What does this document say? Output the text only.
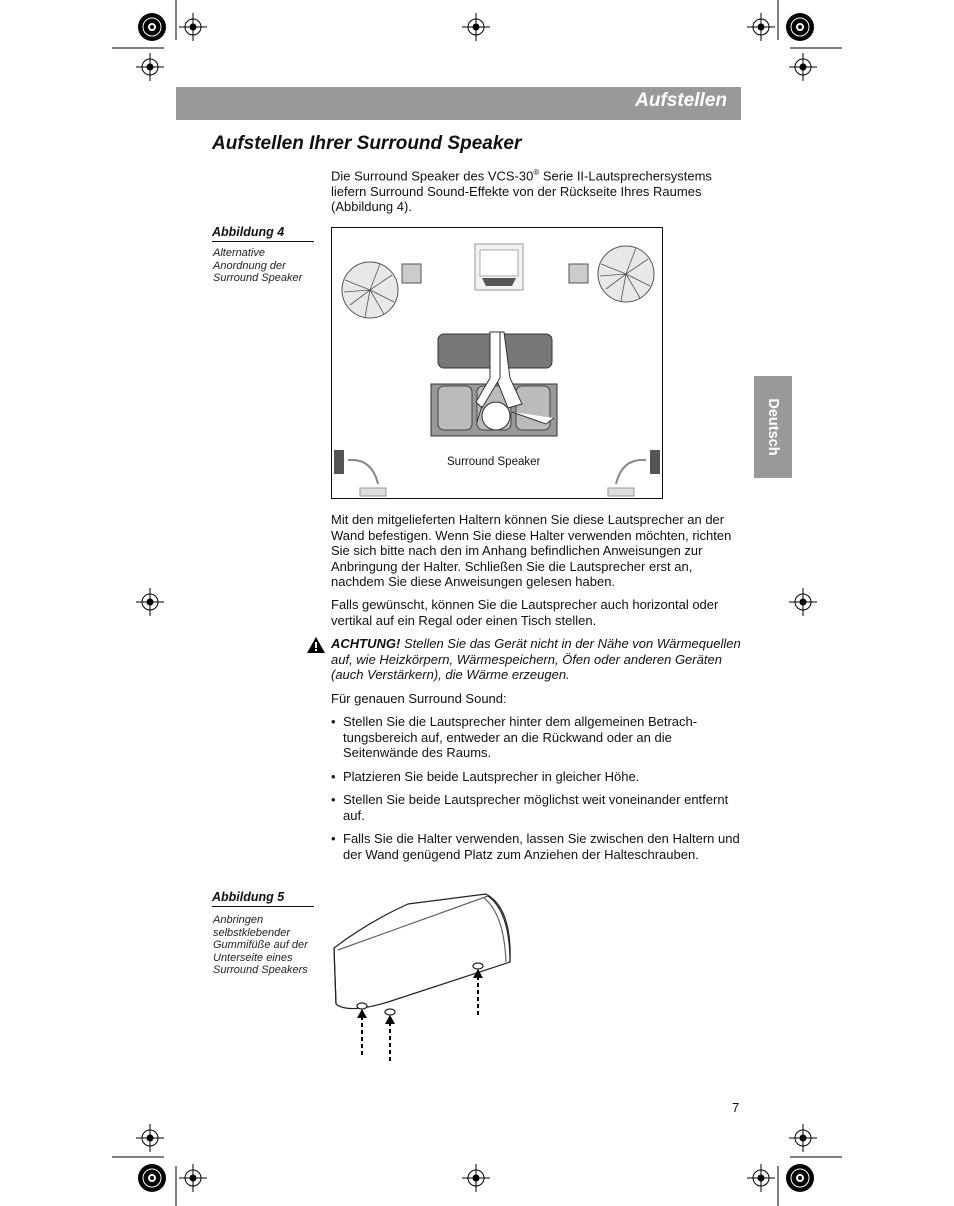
Aufstellen
Aufstellen Ihrer Surround Speaker
Die Surround Speaker des VCS-30® Serie II-Lautsprechersystems
liefern Surround Sound-Effekte von der Rückseite Ihres Raumes
(Abbildung 4).
Abbildung 4
Alternative Anordnung der Surround Speaker
Surround Speaker
Mit den mitgelieferten Haltern können Sie diese Lautsprecher an der Wand befestigen. Wenn Sie diese Halter verwenden möchten, richten Sie sich bitte nach den im Anhang befindlichen Anweisungen zur Anbringung der Halter. Schließen Sie die Lautsprecher erst an, nachdem Sie diese Anweisungen gelesen haben.
Falls gewünscht, können Sie die Lautsprecher auch horizontal oder vertikal auf ein Regal oder einen Tisch stellen.
ACHTUNG! Stellen Sie das Gerät nicht in der Nähe von Wärmequellen auf, wie Heizkörpern, Wärmespeichern, Öfen oder anderen Geräten (auch Verstärkern), die Wärme erzeugen.
Für genauen Surround Sound:
• Stellen Sie die Lautsprecher hinter dem allgemeinen Betrach-tungsbereich auf, entweder an die Rückwand oder an die Seitenwände des Raums.
• Platzieren Sie beide Lautsprecher in gleicher Höhe.
• Stellen Sie beide Lautsprecher möglichst weit voneinander entfernt auf.
• Falls Sie die Halter verwenden, lassen Sie zwischen den Haltern und der Wand genügend Platz zum Anziehen der Halteschrauben.
Abbildung 5
Anbringen selbstklebender Gummifüße auf der Unterseite eines Surround Speakers
Deutsch
7
